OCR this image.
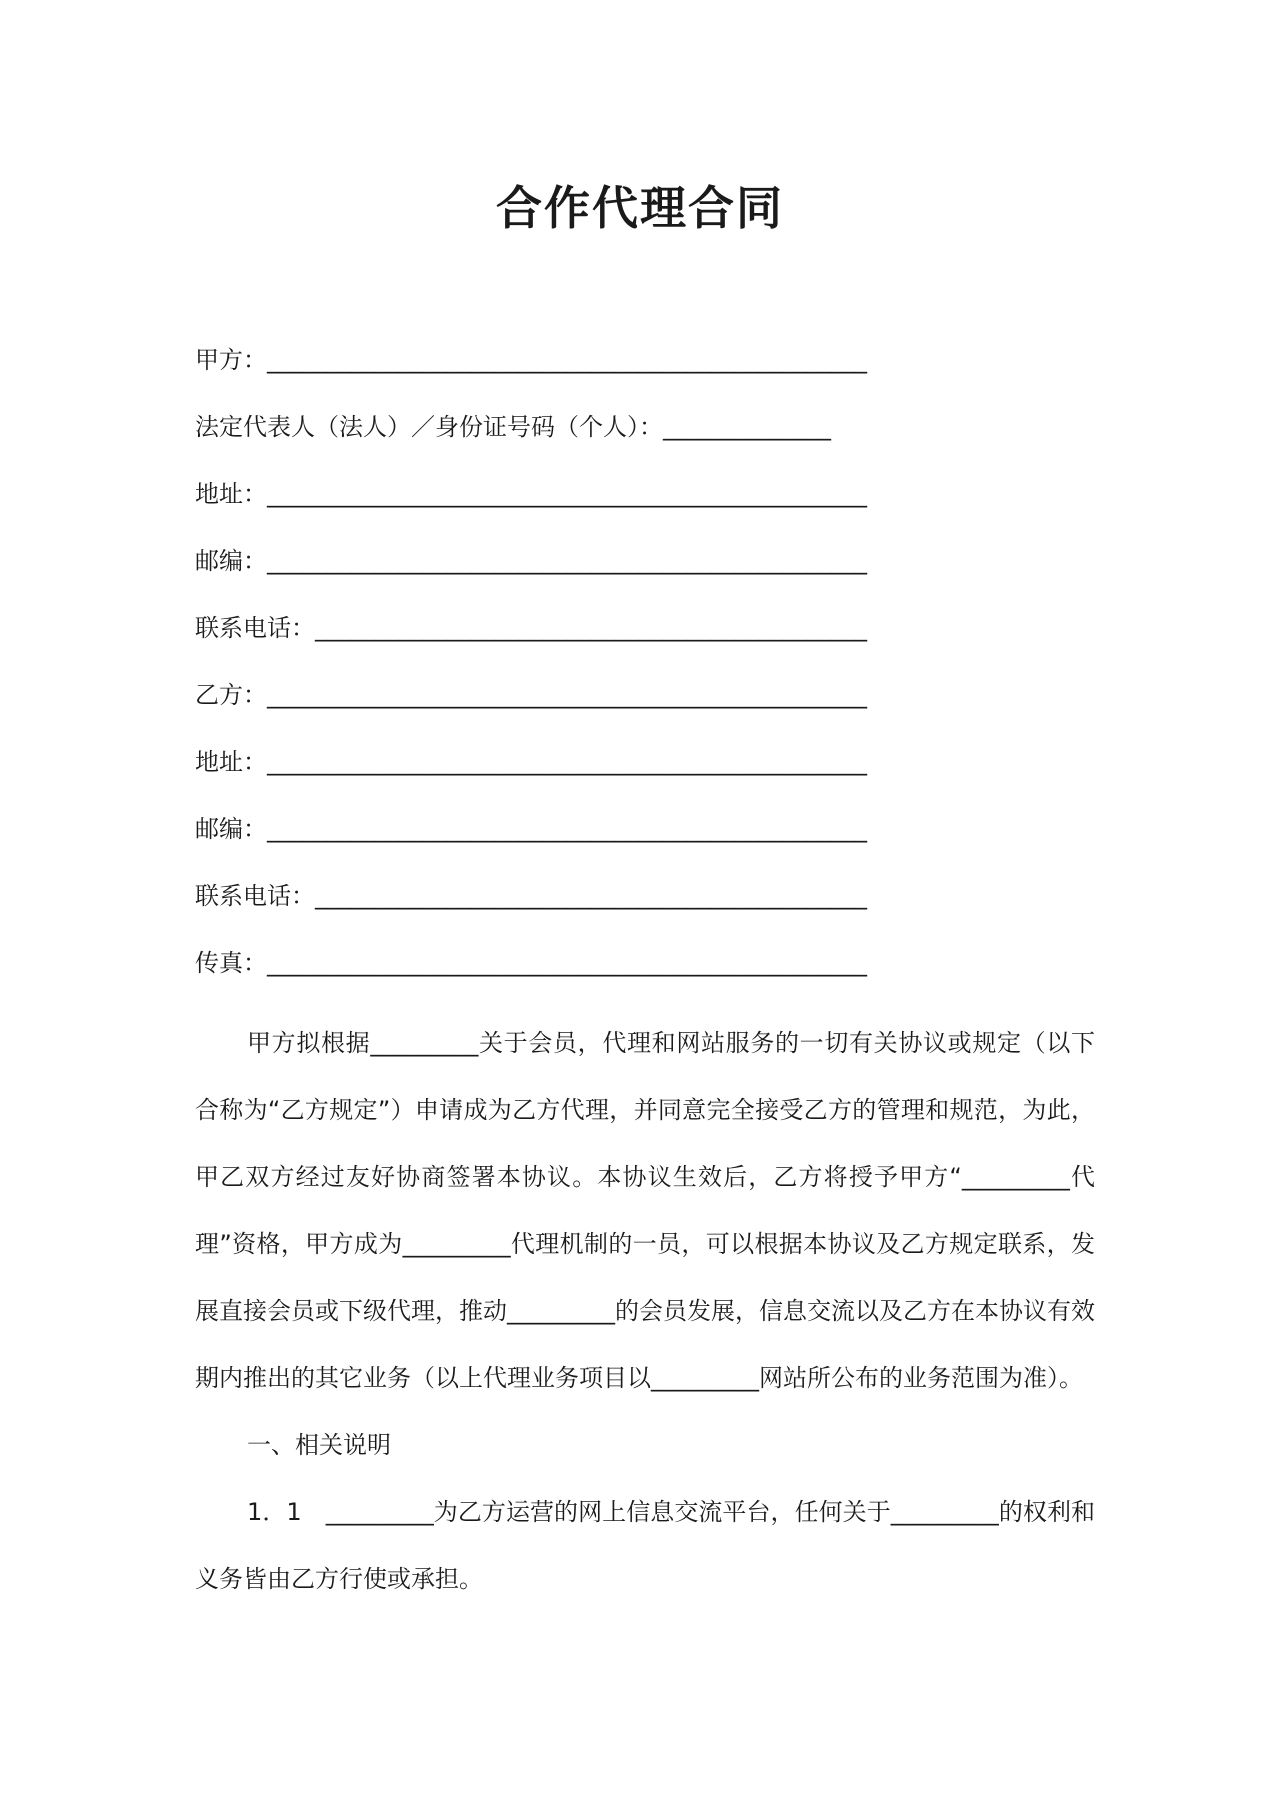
合作代理合同
甲方：__________________________________________________
法定代表人（法人）／身份证号码（个人）：______________
地址：__________________________________________________
邮编：__________________________________________________
联系电话：______________________________________________
乙方：__________________________________________________
地址：__________________________________________________
邮编：__________________________________________________
联系电话：______________________________________________
传真：__________________________________________________

甲方拟根据_________关于会员，代理和网站服务的一切有关协议或规定（以下合称为“乙方规定”）申请成为乙方代理，并同意完全接受乙方的管理和规范，为此，甲乙双方经过友好协商签署本协议。本协议生效后，乙方将授予甲方“_________代理”资格，甲方成为_________代理机制的一员，可以根据本协议及乙方规定联系，发展直接会员或下级代理，推动_________的会员发展，信息交流以及乙方在本协议有效期内推出的其它业务（以上代理业务项目以_________网站所公布的业务范围为准）。

一、相关说明

1．1　_________为乙方运营的网上信息交流平台，任何关于_________的权利和义务皆由乙方行使或承担。
